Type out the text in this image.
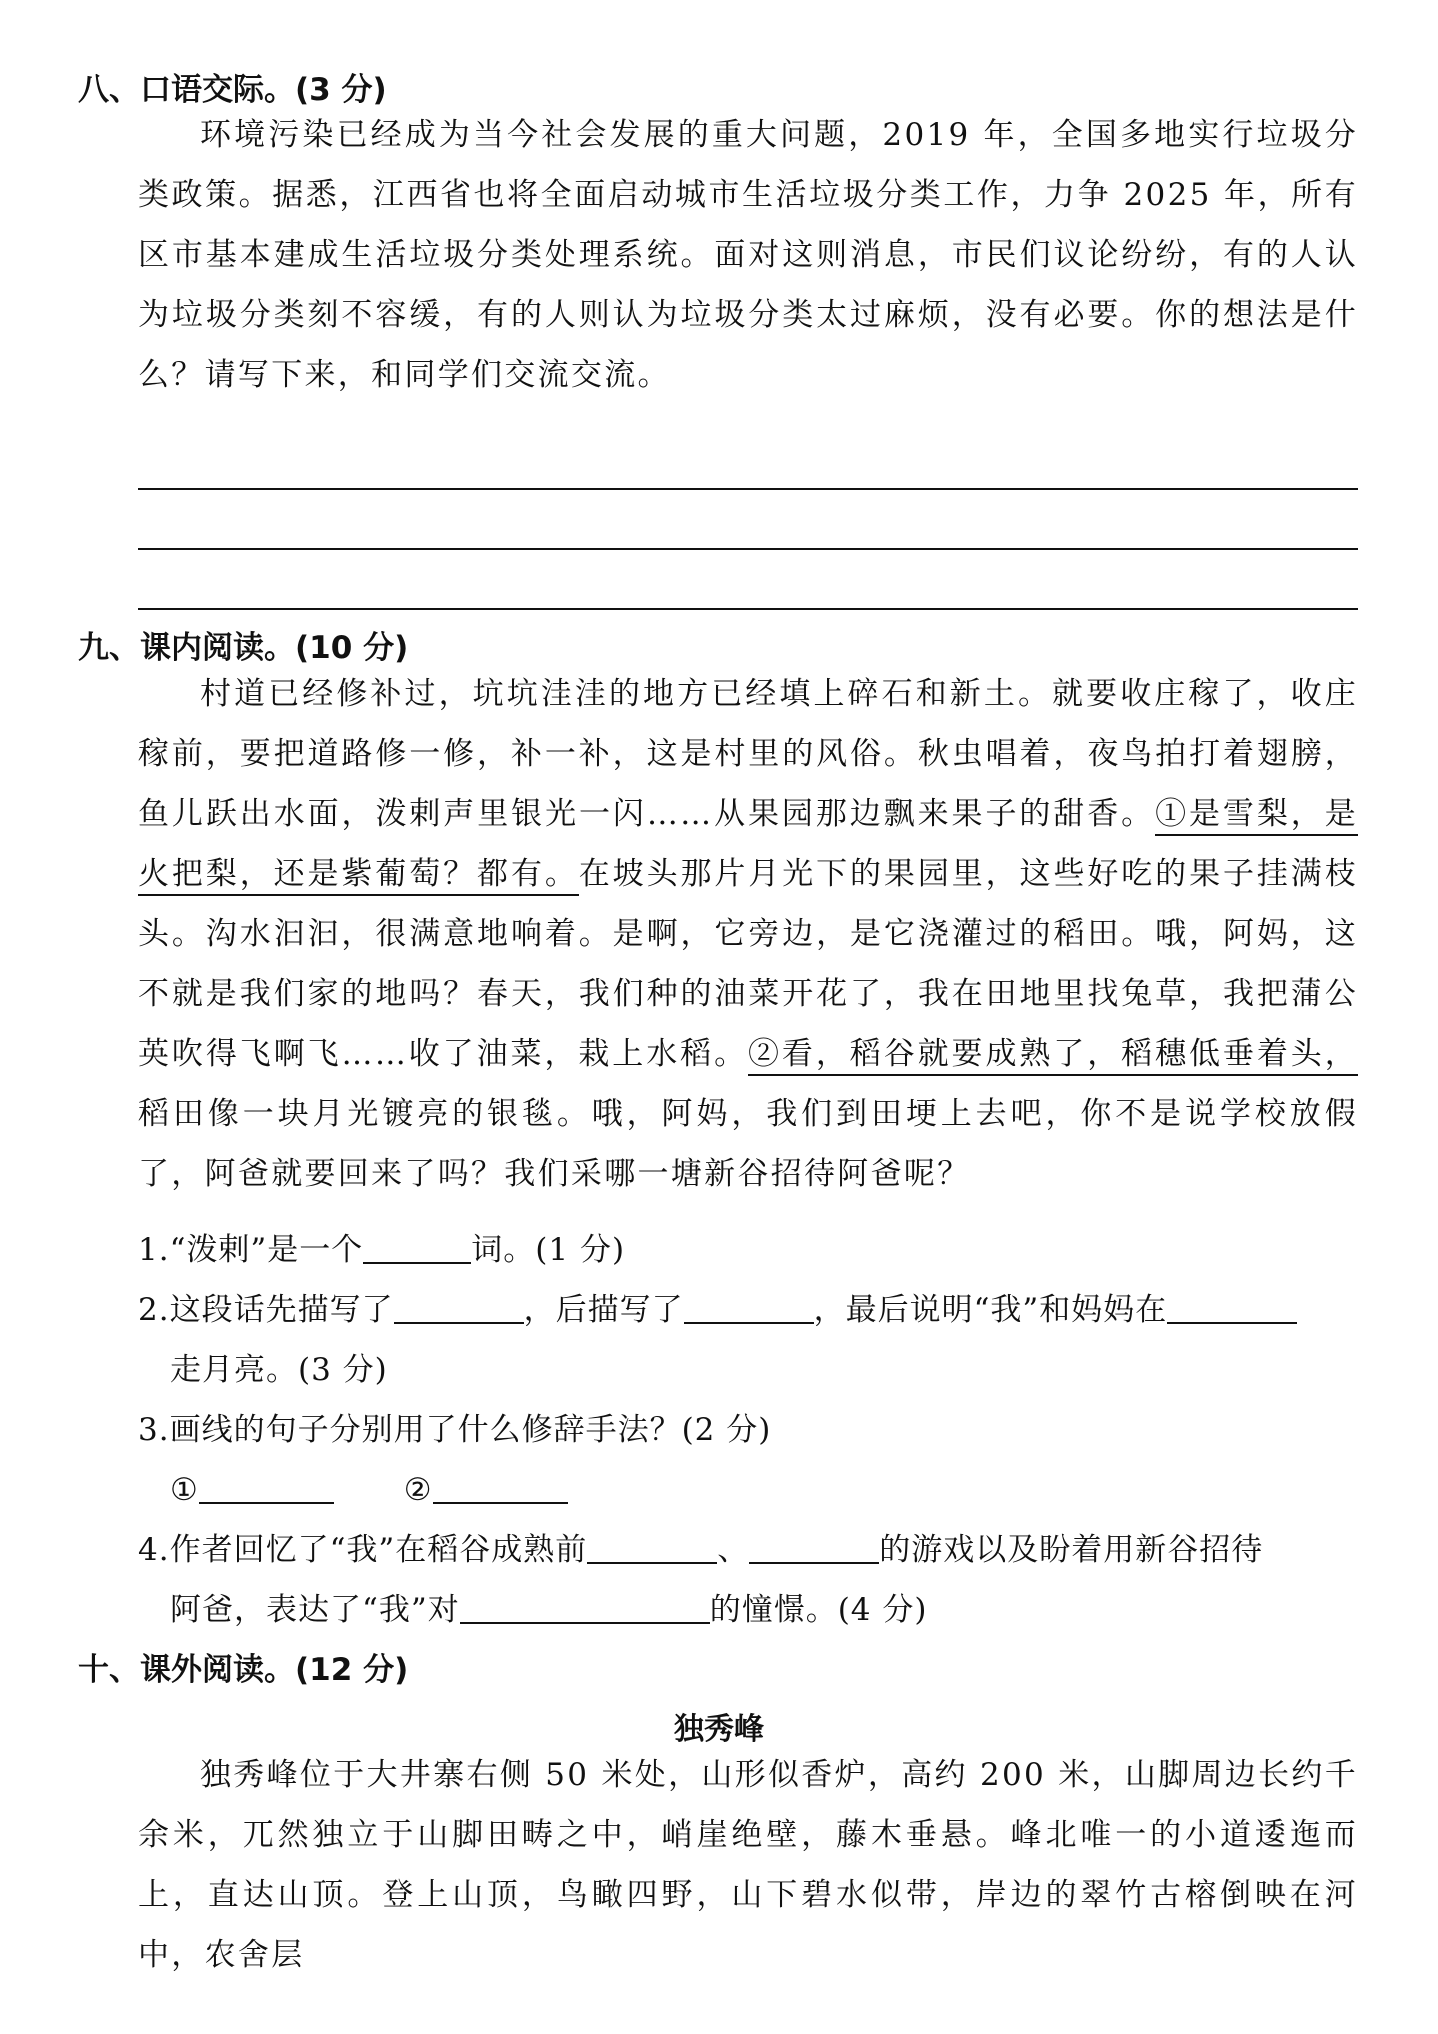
八、口语交际。(3 分)
环境污染已经成为当今社会发展的重大问题，2019 年，全国多地实行垃圾分类政策。据悉，江西省也将全面启动城市生活垃圾分类工作，力争 2025 年，所有区市基本建成生活垃圾分类处理系统。面对这则消息，市民们议论纷纷，有的人认为垃圾分类刻不容缓，有的人则认为垃圾分类太过麻烦，没有必要。你的想法是什么？请写下来，和同学们交流交流。
九、课内阅读。(10 分)
村道已经修补过，坑坑洼洼的地方已经填上碎石和新土。就要收庄稼了，收庄稼前，要把道路修一修，补一补，这是村里的风俗。秋虫唱着，夜鸟拍打着翅膀，鱼儿跃出水面，泼剌声里银光一闪……从果园那边飘来果子的甜香。①是雪梨，是火把梨，还是紫葡萄？都有。在坡头那片月光下的果园里，这些好吃的果子挂满枝头。沟水汩汩，很满意地响着。是啊，它旁边，是它浇灌过的稻田。哦，阿妈，这不就是我们家的地吗？春天，我们种的油菜开花了，我在田地里找兔草，我把蒲公英吹得飞啊飞……收了油菜，栽上水稻。②看，稻谷就要成熟了，稻穗低垂着头，稻田像一块月光镀亮的银毯。哦，阿妈，我们到田埂上去吧，你不是说学校放假了，阿爸就要回来了吗？我们采哪一塘新谷招待阿爸呢？
1.“泼剌”是一个	词。(1 分)
2.这段话先描写了	，后描写了	，最后说明“我”和妈妈在
走月亮。(3 分)
3.画线的句子分别用了什么修辞手法？(2 分)
①	②
4.作者回忆了“我”在稻谷成熟前	、	的游戏以及盼着用新谷招待
阿爸，表达了“我”对	的憧憬。(4 分)
十、课外阅读。(12 分)
独秀峰
独秀峰位于大井寨右侧 50 米处，山形似香炉，高约 200 米，山脚周边长约千余米，兀然独立于山脚田畴之中，峭崖绝壁，藤木垂悬。峰北唯一的小道逶迤而上，直达山顶。登上山顶，鸟瞰四野，山下碧水似带，岸边的翠竹古榕倒映在河中，农舍层
